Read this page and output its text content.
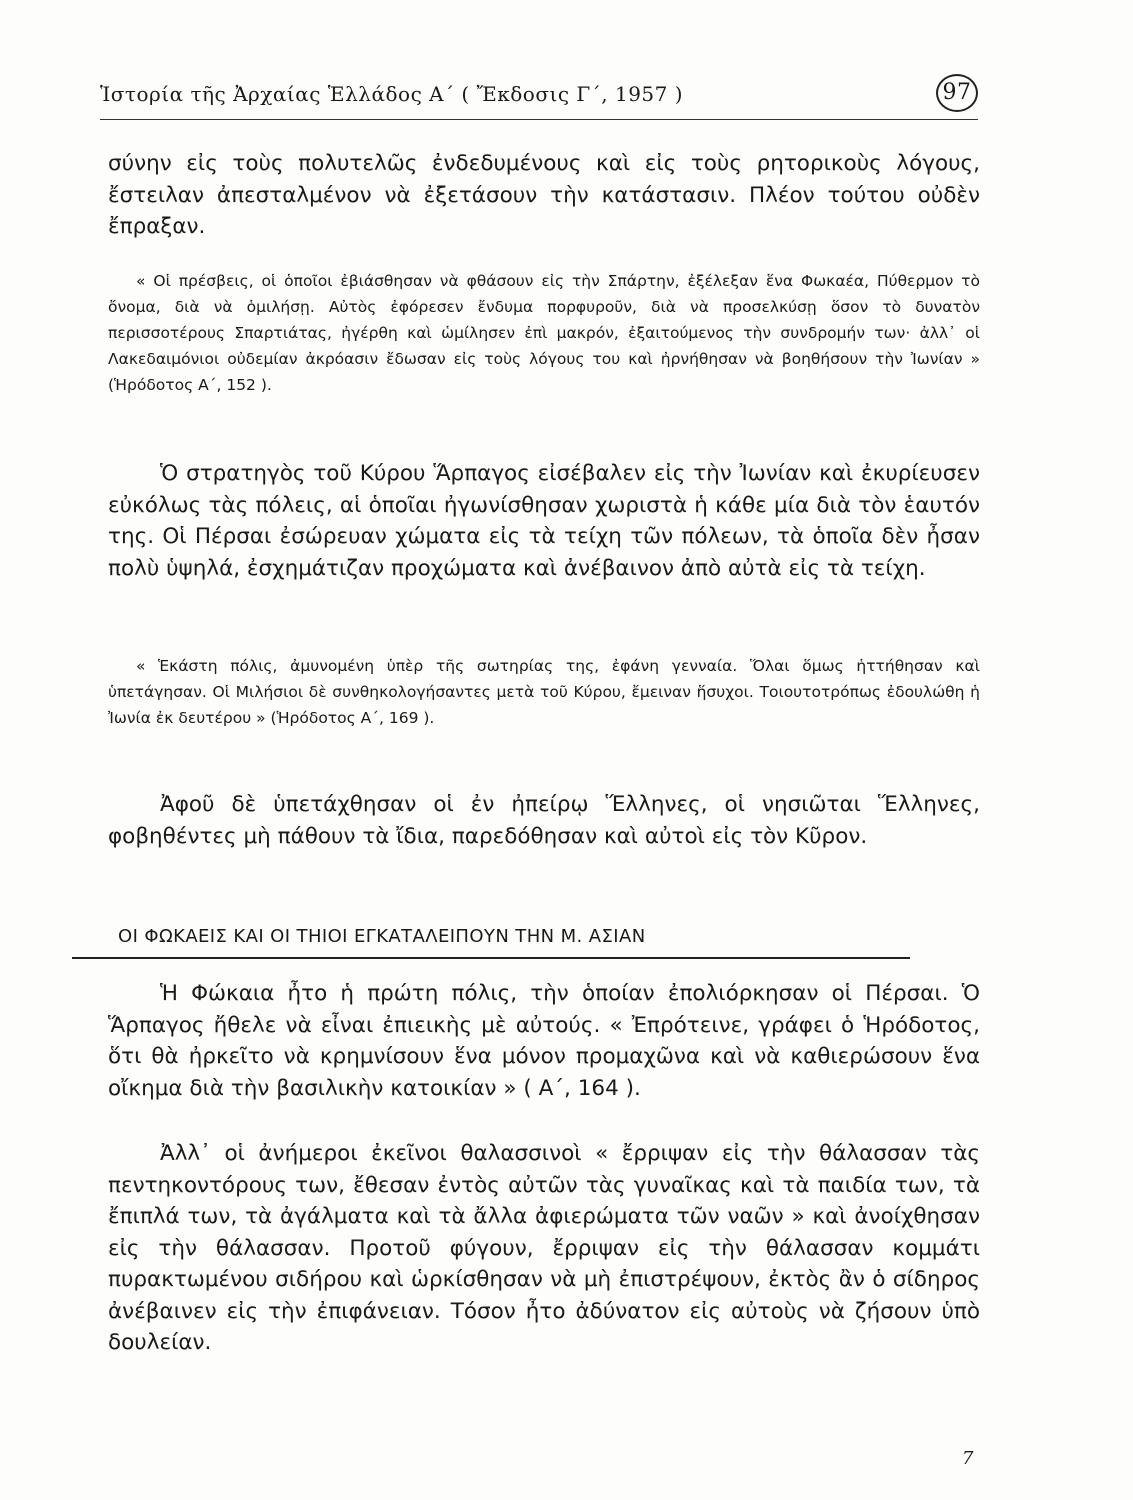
Ἱστορία τῆς Ἀρχαίας Ἑλλάδος Α΄ ( Ἔκδοσις Γ΄, 1957 )	97

σύνην εἰς τοὺς πολυτελῶς ἐνδεδυμένους καὶ εἰς τοὺς ρητορικοὺς λόγους, ἔστειλαν ἀπεσταλμένον νὰ ἐξετάσουν τὴν κατάστασιν. Πλέον τούτου οὐδὲν ἔπραξαν.

« Οἱ πρέσβεις, οἱ ὁποῖοι ἐβιάσθησαν νὰ φθάσουν εἰς τὴν Σπάρτην, ἐξέλεξαν ἕνα Φωκαέα, Πύθερμον τὸ ὄνομα, διὰ νὰ ὁμιλήσῃ. Αὐτὸς ἐφόρεσεν ἔνδυμα πορφυροῦν, διὰ νὰ προσελκύσῃ ὅσον τὸ δυνατὸν περισσοτέρους Σπαρτιάτας, ἠγέρθη καὶ ὡμίλησεν ἐπὶ μακρόν, ἐξαιτούμενος τὴν συνδρομήν των· ἀλλ᾿ οἱ Λακεδαιμόνιοι οὐδεμίαν ἀκρόασιν ἔδωσαν εἰς τοὺς λόγους του καὶ ἠρνήθησαν νὰ βοηθήσουν τὴν Ἰωνίαν » (Ἡρόδοτος Α΄, 152 ).

Ὁ στρατηγὸς τοῦ Κύρου Ἅρπαγος εἰσέβαλεν εἰς τὴν Ἰωνίαν καὶ ἐκυρίευσεν εὐκόλως τὰς πόλεις, αἱ ὁποῖαι ἠγωνίσθησαν χωριστὰ ἡ κάθε μία διὰ τὸν ἑαυτόν της. Οἱ Πέρσαι ἐσώρευαν χώματα εἰς τὰ τείχη τῶν πόλεων, τὰ ὁποῖα δὲν ἦσαν πολὺ ὑψηλά, ἐσχημάτιζαν προχώματα καὶ ἀνέβαινον ἀπὸ αὐτὰ εἰς τὰ τείχη.

« Ἑκάστη πόλις, ἀμυνομένη ὑπὲρ τῆς σωτηρίας της, ἐφάνη γενναία. Ὅλαι ὅμως ἡττήθησαν καὶ ὑπετάγησαν. Οἱ Μιλήσιοι δὲ συνθηκολογήσαντες μετὰ τοῦ Κύρου, ἔμειναν ἥσυχοι. Τοιουτοτρόπως ἐδουλώθη ἡ Ἰωνία ἐκ δευτέρου » (Ἡρόδοτος Α΄, 169 ).

Ἀφοῦ δὲ ὑπετάχθησαν οἱ ἐν ἠπείρῳ Ἕλληνες, οἱ νησιῶται Ἕλληνες, φοβηθέντες μὴ πάθουν τὰ ἴδια, παρεδόθησαν καὶ αὐτοὶ εἰς τὸν Κῦρον.

ΟΙ ΦΩΚΑΕΙΣ ΚΑΙ ΟΙ ΤΗΙΟΙ ΕΓΚΑΤΑΛΕΙΠΟΥΝ ΤΗΝ Μ. ΑΣΙΑΝ

Ἡ Φώκαια ἦτο ἡ πρώτη πόλις, τὴν ὁποίαν ἐπολιόρκησαν οἱ Πέρσαι. Ὁ Ἅρπαγος ἤθελε νὰ εἶναι ἐπιεικὴς μὲ αὐτούς. « Ἐπρότεινε, γράφει ὁ Ἡρόδοτος, ὅτι θὰ ἠρκεῖτο νὰ κρημνίσουν ἕνα μόνον προμαχῶνα καὶ νὰ καθιερώσουν ἕνα οἴκημα διὰ τὴν βασιλικὴν κατοικίαν » ( Α΄, 164 ).

Ἀλλ᾿ οἱ ἀνήμεροι ἐκεῖνοι θαλασσινοὶ « ἔρριψαν εἰς τὴν θάλασσαν τὰς πεντηκοντόρους των, ἔθεσαν ἐντὸς αὐτῶν τὰς γυναῖκας καὶ τὰ παιδία των, τὰ ἔπιπλά των, τὰ ἀγάλματα καὶ τὰ ἄλλα ἀφιερώματα τῶν ναῶν » καὶ ἀνοίχθησαν εἰς τὴν θάλασσαν. Προτοῦ φύγουν, ἔρριψαν εἰς τὴν θάλασσαν κομμάτι πυρακτωμένου σιδήρου καὶ ὡρκίσθησαν νὰ μὴ ἐπιστρέψουν, ἐκτὸς ἂν ὁ σίδηρος ἀνέβαινεν εἰς τὴν ἐπιφάνειαν. Τόσον ἦτο ἀδύνατον εἰς αὐτοὺς νὰ ζήσουν ὑπὸ δουλείαν.

7
